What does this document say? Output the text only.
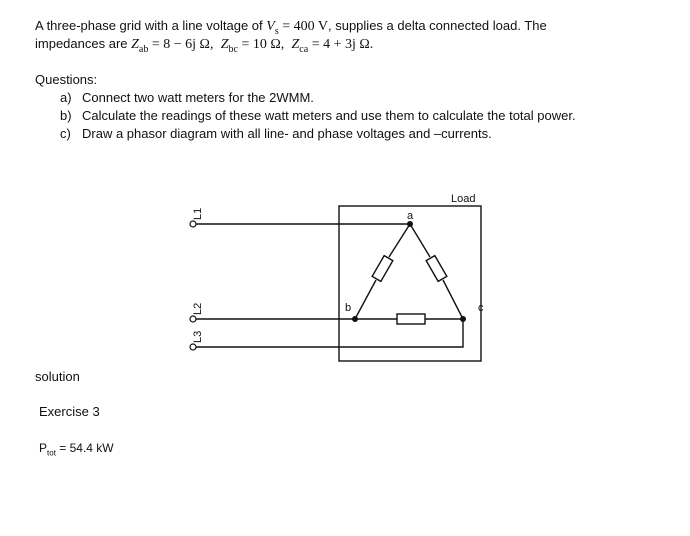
A three-phase grid with a line voltage of $V_s = 400$ V, supplies a delta connected load. The
impedances are $Z_{ab} = 8 - 6j$ Ω, $Z_{bc} = 10$ Ω, $Z_{ca} = 4 + 3j$ Ω.
Questions:
a) Connect two watt meters for the 2WMM.
b) Calculate the readings of these watt meters and use them to calculate the total power.
c) Draw a phasor diagram with all line- and phase voltages and –currents.
Load
L1
L2
L3
a
b	c
solution
Exercise 3
$P_{tot} = 54.4$ kW
